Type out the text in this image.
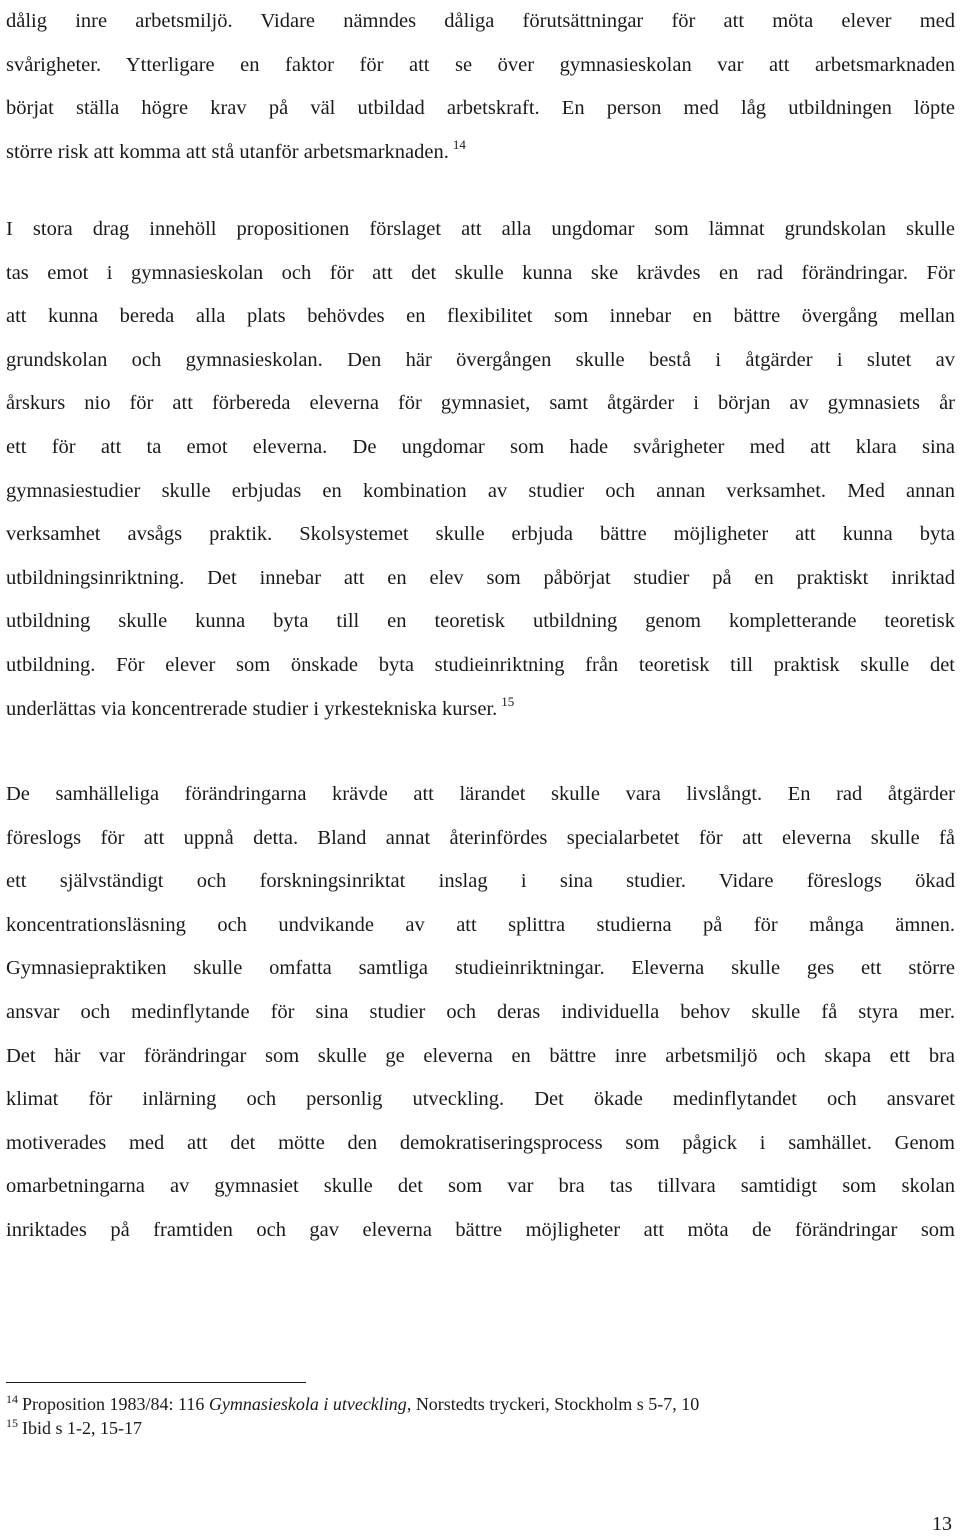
dålig inre arbetsmiljö. Vidare nämndes dåliga förutsättningar för att möta elever med
svårigheter. Ytterligare en faktor för att se över gymnasieskolan var att arbetsmarknaden
börjat ställa högre krav på väl utbildad arbetskraft. En person med låg utbildningen löpte
större risk att komma att stå utanför arbetsmarknaden. $^{14}$

I stora drag innehöll propositionen förslaget att alla ungdomar som lämnat grundskolan skulle
tas emot i gymnasieskolan och för att det skulle kunna ske krävdes en rad förändringar. För
att kunna bereda alla plats behövdes en flexibilitet som innebar en bättre övergång mellan
grundskolan och gymnasieskolan. Den här övergången skulle bestå i åtgärder i slutet av
årskurs nio för att förbereda eleverna för gymnasiet, samt åtgärder i början av gymnasiets år
ett för att ta emot eleverna. De ungdomar som hade svårigheter med att klara sina
gymnasiestudier skulle erbjudas en kombination av studier och annan verksamhet. Med annan
verksamhet avsågs praktik. Skolsystemet skulle erbjuda bättre möjligheter att kunna byta
utbildningsinriktning. Det innebar att en elev som påbörjat studier på en praktiskt inriktad
utbildning skulle kunna byta till en teoretisk utbildning genom kompletterande teoretisk
utbildning. För elever som önskade byta studieinriktning från teoretisk till praktisk skulle det
underlättas via koncentrerade studier i yrkestekniska kurser. $^{15}$

De samhälleliga förändringarna krävde att lärandet skulle vara livslångt. En rad åtgärder
föreslogs för att uppnå detta. Bland annat återinfördes specialarbetet för att eleverna skulle få
ett självständigt och forskningsinriktat inslag i sina studier. Vidare föreslogs ökad
koncentrationsläsning och undvikande av att splittra studierna på för många ämnen.
Gymnasiepraktiken skulle omfatta samtliga studieinriktningar. Eleverna skulle ges ett större
ansvar och medinflytande för sina studier och deras individuella behov skulle få styra mer.
Det här var förändringar som skulle ge eleverna en bättre inre arbetsmiljö och skapa ett bra
klimat för inlärning och personlig utveckling. Det ökade medinflytandet och ansvaret
motiverades med att det mötte den demokratiseringsprocess som pågick i samhället. Genom
omarbetningarna av gymnasiet skulle det som var bra tas tillvara samtidigt som skolan
inriktades på framtiden och gav eleverna bättre möjligheter att möta de förändringar som

$^{14}$ Proposition 1983/84: 116 Gymnasieskola i utveckling, Norstedts tryckeri, Stockholm s 5-7, 10
$^{15}$ Ibid s 1-2, 15-17
13
